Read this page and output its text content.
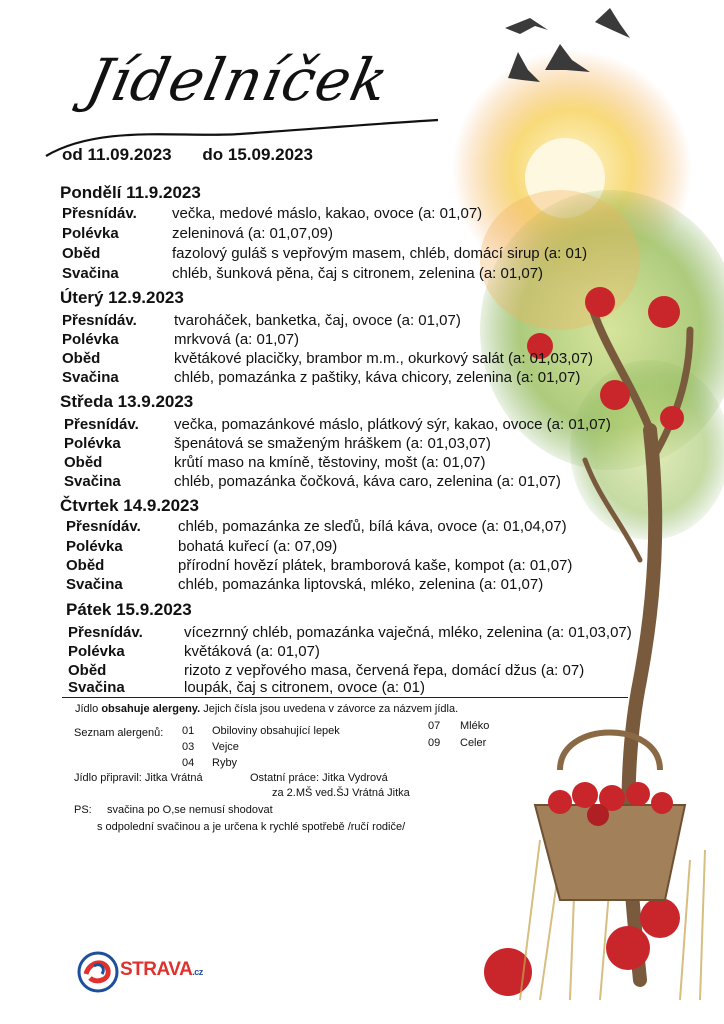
Jídelníček
od 11.09.2023 do 15.09.2023
Pondělí 11.9.2023
Přesnídáv. večka, medové máslo, kakao, ovoce (a: 01,07)
Polévka	zeleninová (a: 01,07,09)
Oběd	fazolový guláš s vepřovým masem, chléb, domácí sirup (a: 01)
Svačina	chléb, šunková pěna, čaj s citronem, zelenina (a: 01,07)
Úterý 12.9.2023
Přesnídáv. tvaroháček, banketka, čaj, ovoce (a: 01,07)
Polévka	mrkvová (a: 01,07)
Oběd	květákové placičky, brambor m.m., okurkový salát (a: 01,03,07)
Svačina	chléb, pomazánka z paštiky, káva chicory, zelenina (a: 01,07)
Středa 13.9.2023
Přesnídáv. večka, pomazánkové máslo, plátkový sýr, kakao, ovoce (a: 01,07)
Polévka	špenátová se smaženým hráškem (a: 01,03,07)
Oběd	krůtí maso na kmíně, těstoviny, mošt (a: 01,07)
Svačina	chléb, pomazánka čočková, káva caro, zelenina (a: 01,07)
Čtvrtek 14.9.2023
Přesnídáv. chléb, pomazánka ze sleďů, bílá káva, ovoce (a: 01,04,07)
Polévka	bohatá kuřecí (a: 07,09)
Oběd	přírodní hovězí plátek, bramborová kaše, kompot (a: 01,07)
Svačina	chléb, pomazánka liptovská, mléko, zelenina (a: 01,07)
Pátek 15.9.2023
Přesnídáv.	vícezrnný chléb, pomazánka vaječná, mléko, zelenina (a: 01,03,07)
Polévka	květáková (a: 01,07)
Oběd	rizoto z vepřového masa, červená řepa, domácí džus (a: 07)
Svačina	loupák, čaj s citronem, ovoce (a: 01)
Jídlo obsahuje alergeny. Jejich čísla jsou uvedena v závorce za názvem jídla.
Seznam alergenů: 01 Obiloviny obsahující lepek
03 Vejce
04 Ryby
07 Mléko
09 Celer
Jídlo připravil: Jitka Vrátná	Ostatní práce: Jitka Vydrová
za 2.MŠ ved.ŠJ Vrátná Jitka
PS: svačina po O,se nemusí shodovat
s odpolední svačinou a je určena k rychlé spotřebě /ručí rodiče/
STRAVA.cz
